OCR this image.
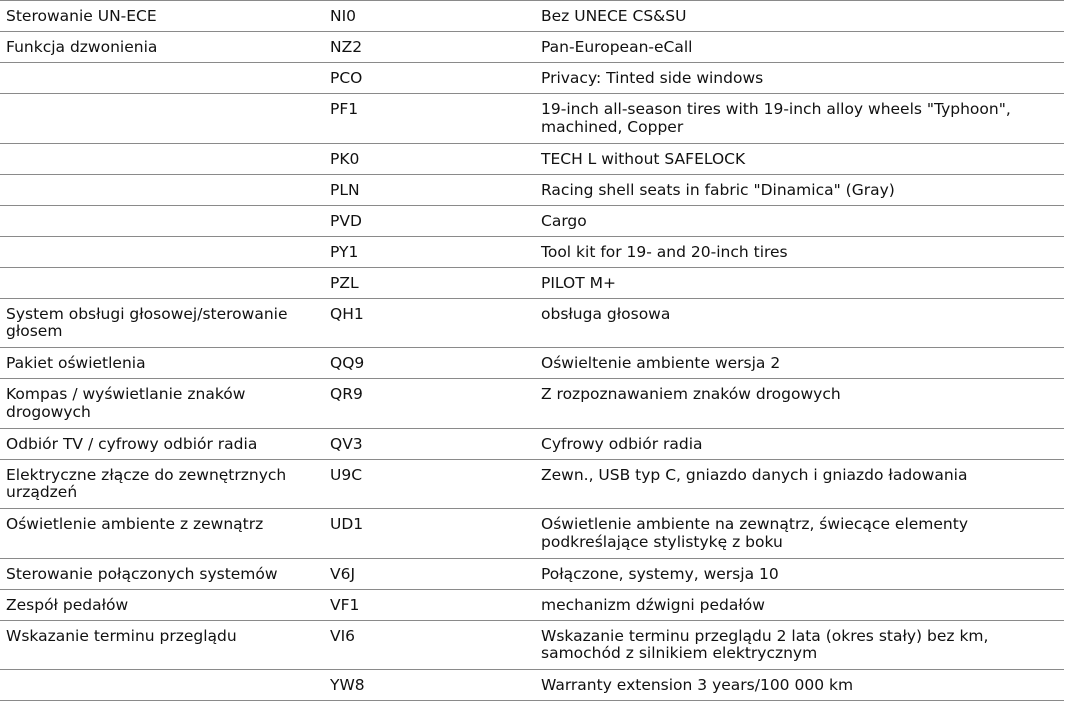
Sterowanie UN-ECE	NI0	Bez UNECE CS&SU
Funkcja dzwonienia	NZ2	Pan-European-eCall
	PCO	Privacy: Tinted side windows
	PF1	19-inch all-season tires with 19-inch alloy wheels "Typhoon", machined, Copper
	PK0	TECH L without SAFELOCK
	PLN	Racing shell seats in fabric "Dinamica" (Gray)
	PVD	Cargo
	PY1	Tool kit for 19- and 20-inch tires
	PZL	PILOT M+
System obsługi głosowej/sterowanie głosem	QH1	obsługa głosowa
Pakiet oświetlenia	QQ9	Oświeltenie ambiente wersja 2
Kompas / wyświetlanie znaków drogowych	QR9	Z rozpoznawaniem znaków drogowych
Odbiór TV / cyfrowy odbiór radia	QV3	Cyfrowy odbiór radia
Elektryczne złącze do zewnętrznych urządzeń	U9C	Zewn., USB typ C, gniazdo danych i gniazdo ładowania
Oświetlenie ambiente z zewnątrz	UD1	Oświetlenie ambiente na zewnątrz, świecące elementy podkreślające stylistykę z boku
Sterowanie połączonych systemów	V6J	Połączone, systemy, wersja 10
Zespół pedałów	VF1	mechanizm dźwigni pedałów
Wskazanie terminu przeglądu	VI6	Wskazanie terminu przeglądu 2 lata (okres stały) bez km, samochód z silnikiem elektrycznym
	YW8	Warranty extension 3 years/100 000 km
